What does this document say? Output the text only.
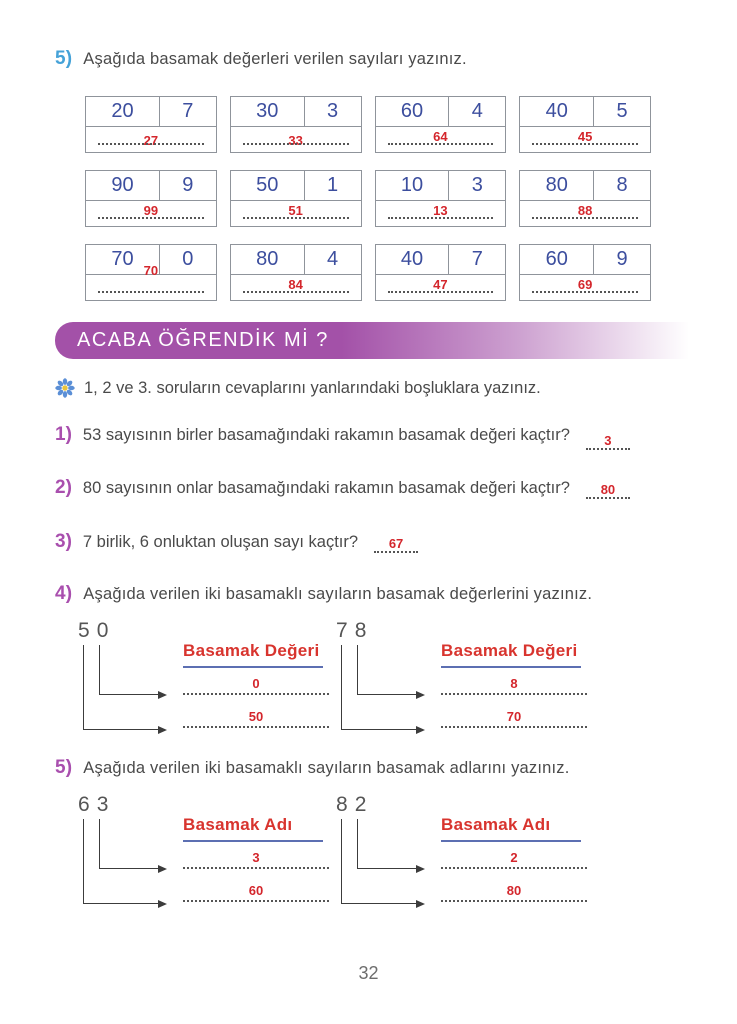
5) Aşağıda basamak değerleri verilen sayıları yazınız.
20	7
27
30	3
33
60	4
64
40	5
45
90	9
99
50	1
51
10	3
13
80	8
88
70	0
70
80	4
84
40	7
47
60	9
69
ACABA ÖĞRENDİK Mİ ?
1, 2 ve 3. soruların cevaplarını yanlarındaki boşluklara yazınız.
1) 53 sayısının birler basamağındaki rakamın basamak değeri kaçtır?	3
2) 80 sayısının onlar basamağındaki rakamın basamak değeri kaçtır? 80
3) 7 birlik, 6 onluktan oluşan sayı kaçtır? 67
4) Aşağıda verilen iki basamaklı sayıların basamak değerlerini yazınız.
5 0
Basamak Değeri
0
50
7 8
Basamak Değeri
8
70
5) Aşağıda verilen iki basamaklı sayıların basamak adlarını yazınız.
6 3
Basamak Adı
3
60
8 2
Basamak Adı
2
80
32
